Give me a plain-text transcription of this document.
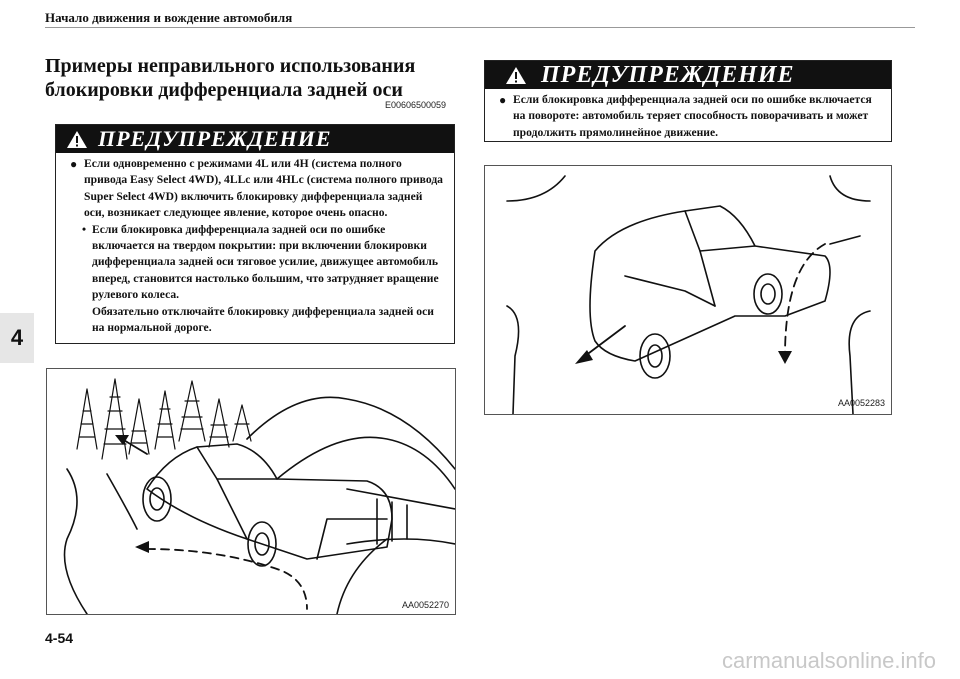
Начало движения и вождение автомобиля
4
Примеры неправильного использования блокировки дифференциала задней оси
E00606500059
ПРЕДУПРЕЖДЕНИЕ
● Если одновременно с режимами 4L или 4H (система полного привода Easy Select 4WD), 4LLc или 4HLc (система полного привода Super Select 4WD) включить блокировку дифференциала задней оси, возникает следующее явление, которое очень опасно.
• Если блокировка дифференциала задней оси по ошибке включается на твердом покрытии: при включении блокировки дифференциала задней оси тяговое усилие, движущее автомобиль вперед, становится настолько большим, что затрудняет вращение рулевого колеса.
Обязательно отключайте блокировку дифференциала задней оси на нормальной дороге.
ПРЕДУПРЕЖДЕНИЕ
● Если блокировка дифференциала задней оси по ошибке включается на повороте: автомобиль теряет способность поворачивать и может продолжить прямолинейное движение.
AA0052270
AA0052283
4-54
carmanualsonline.info
